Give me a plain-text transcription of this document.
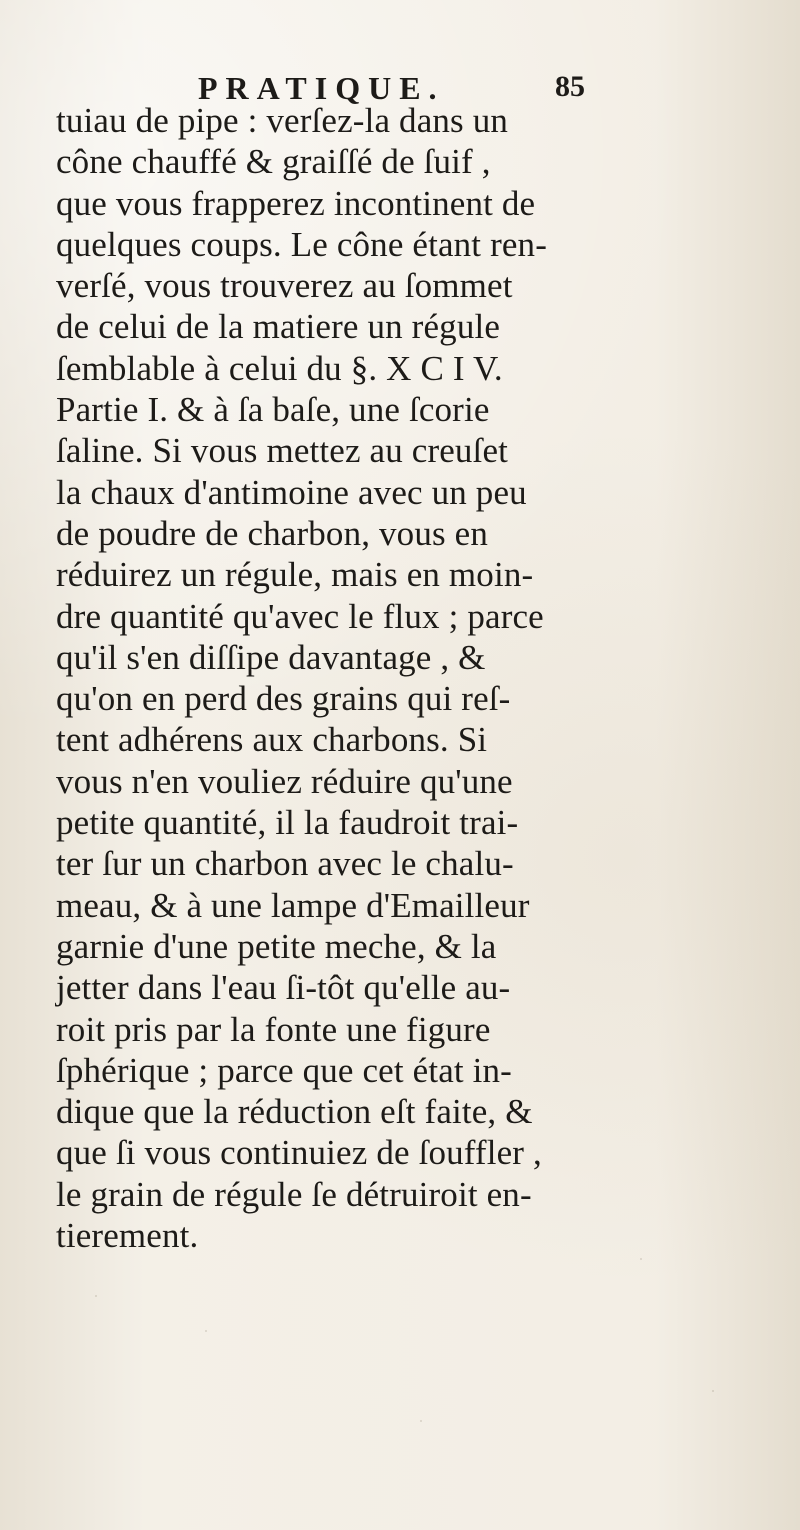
PRATIQUE.	85
tuiau de pipe : verſez-la dans un
cône chauffé & graiſſé de ſuif ,
que vous frapperez incontinent de
quelques coups. Le cône étant ren-
verſé, vous trouverez au ſommet
de celui de la matiere un régule
ſemblable à celui du §. X C I V.
Partie I. & à ſa baſe, une ſcorie
ſaline. Si vous mettez au creuſet
la chaux d'antimoine avec un peu
de poudre de charbon, vous en
réduirez un régule, mais en moin-
dre quantité qu'avec le flux ; parce
qu'il s'en diſſipe davantage , &
qu'on en perd des grains qui reſ-
tent adhérens aux charbons. Si
vous n'en vouliez réduire qu'une
petite quantité, il la faudroit trai-
ter ſur un charbon avec le chalu-
meau, & à une lampe d'Emailleur
garnie d'une petite meche, & la
jetter dans l'eau ſi-tôt qu'elle au-
roit pris par la fonte une figure
ſphérique ; parce que cet état in-
dique que la réduction eſt faite, &
que ſi vous continuiez de ſouffler ,
le grain de régule ſe détruiroit en-
tierement.
